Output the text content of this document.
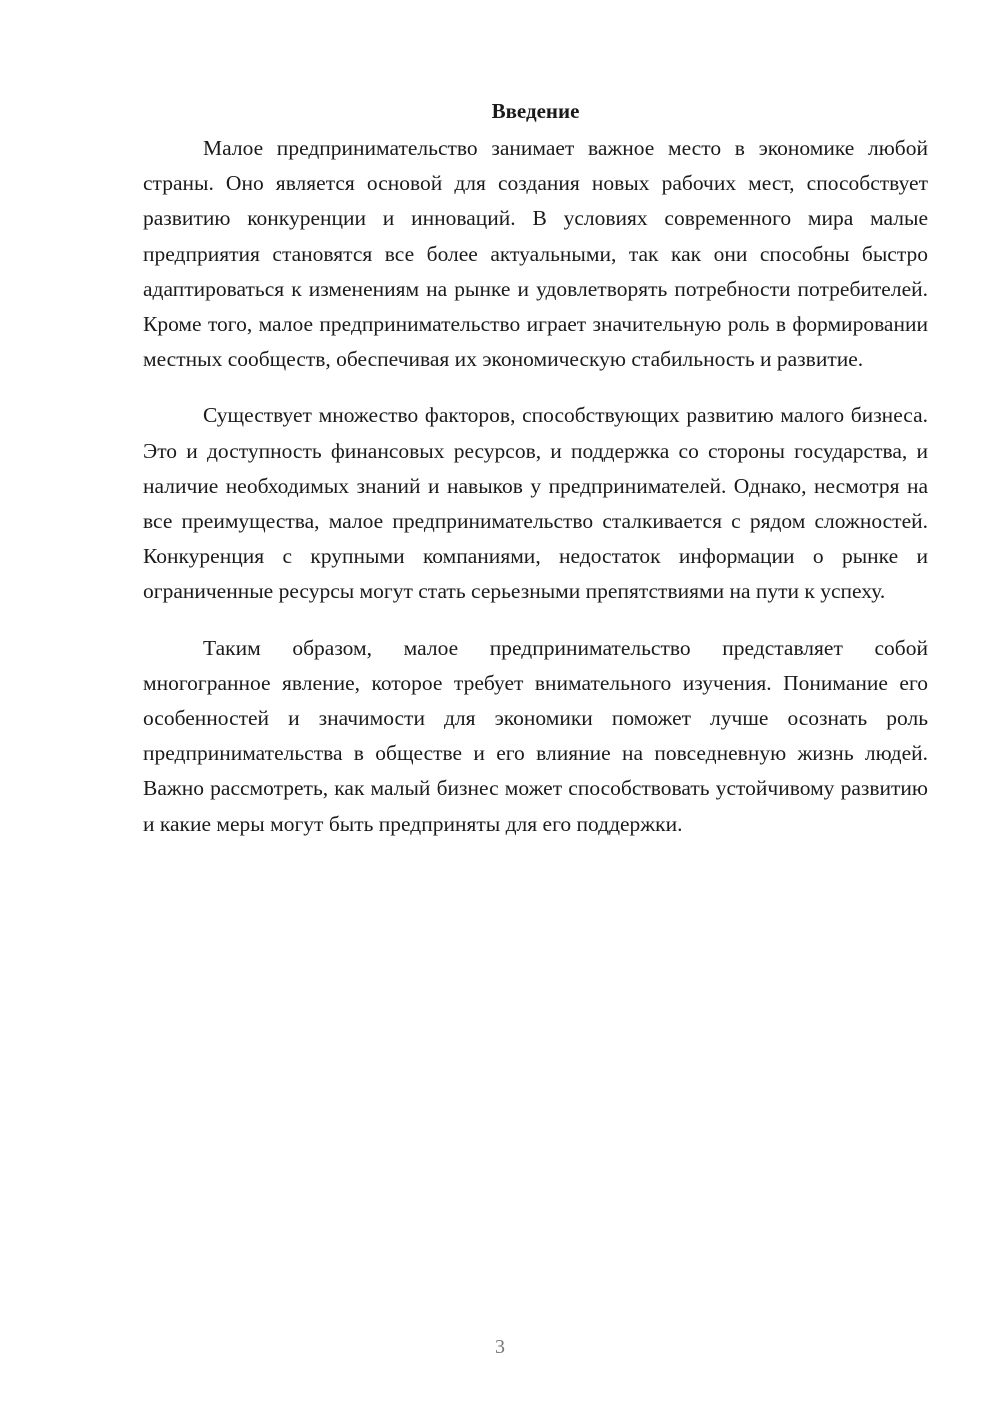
Введение

Малое предпринимательство занимает важное место в экономике любой страны. Оно является основой для создания новых рабочих мест, способствует развитию конкуренции и инноваций. В условиях современного мира малые предприятия становятся все более актуальными, так как они способны быстро адаптироваться к изменениям на рынке и удовлетворять потребности потребителей. Кроме того, малое предпринимательство играет значительную роль в формировании местных сообществ, обеспечивая их экономическую стабильность и развитие.

Существует множество факторов, способствующих развитию малого бизнеса. Это и доступность финансовых ресурсов, и поддержка со стороны государства, и наличие необходимых знаний и навыков у предпринимателей. Однако, несмотря на все преимущества, малое предпринимательство сталкивается с рядом сложностей. Конкуренция с крупными компаниями, недостаток информации о рынке и ограниченные ресурсы могут стать серьезными препятствиями на пути к успеху.

Таким образом, малое предпринимательство представляет собой многогранное явление, которое требует внимательного изучения. Понимание его особенностей и значимости для экономики поможет лучше осознать роль предпринимательства в обществе и его влияние на повседневную жизнь людей. Важно рассмотреть, как малый бизнес может способствовать устойчивому развитию и какие меры могут быть предприняты для его поддержки.

3
